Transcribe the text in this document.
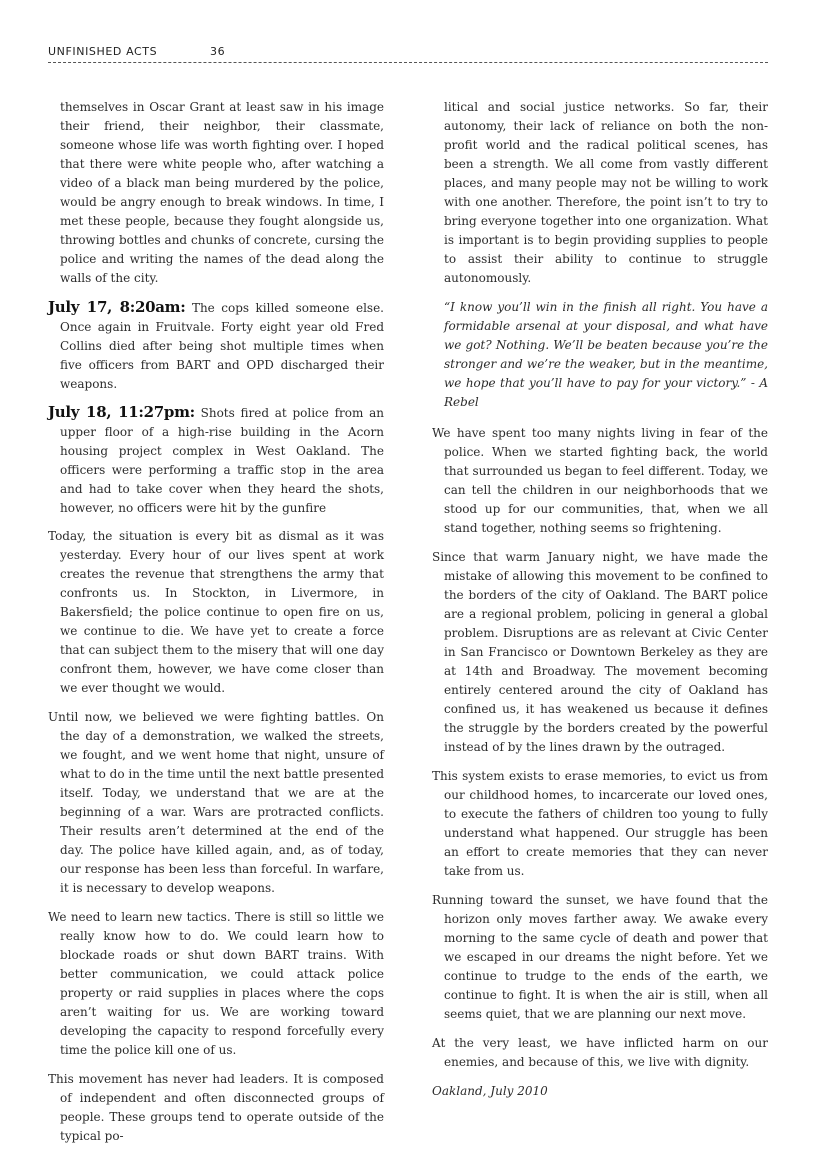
UNFINISHED ACTS	36

themselves in Oscar Grant at least saw in his image their friend, their neighbor, their classmate, someone whose life was worth fighting over. I hoped that there were white people who, after watching a video of a black man being murdered by the police, would be angry enough to break windows. In time, I met these people, because they fought alongside us, throwing bottles and chunks of concrete, cursing the police and writing the names of the dead along the walls of the city.

July 17, 8:20am: The cops killed someone else. Once again in Fruitvale. Forty eight year old Fred Collins died after being shot multiple times when five officers from BART and OPD discharged their weapons.

July 18, 11:27pm: Shots fired at police from an upper floor of a high-rise building in the Acorn housing project complex in West Oakland. The officers were performing a traffic stop in the area and had to take cover when they heard the shots, however, no officers were hit by the gunfire

Today, the situation is every bit as dismal as it was yesterday. Every hour of our lives spent at work creates the revenue that strengthens the army that confronts us. In Stockton, in Livermore, in Bakersfield; the police continue to open fire on us, we continue to die. We have yet to create a force that can subject them to the misery that will one day confront them, however, we have come closer than we ever thought we would.

Until now, we believed we were fighting battles. On the day of a demonstration, we walked the streets, we fought, and we went home that night, unsure of what to do in the time until the next battle presented itself. Today, we understand that we are at the beginning of a war. Wars are protracted conflicts. Their results aren’t determined at the end of the day. The police have killed again, and, as of today, our response has been less than forceful. In warfare, it is necessary to develop weapons.

We need to learn new tactics. There is still so little we really know how to do. We could learn how to blockade roads or shut down BART trains. With better communication, we could attack police property or raid supplies in places where the cops aren’t waiting for us. We are working toward developing the capacity to respond forcefully every time the police kill one of us.

This movement has never had leaders. It is composed of independent and often disconnected groups of people. These groups tend to operate outside of the typical po-

litical and social justice networks. So far, their autonomy, their lack of reliance on both the non-profit world and the radical political scenes, has been a strength. We all come from vastly different places, and many people may not be willing to work with one another. Therefore, the point isn’t to try to bring everyone together into one organization. What is important is to begin providing supplies to people to assist their ability to continue to struggle autonomously.

“I know you’ll win in the finish all right. You have a formidable arsenal at your disposal, and what have we got? Nothing. We’ll be beaten because you’re the stronger and we’re the weaker, but in the meantime, we hope that you’ll have to pay for your victory.” - A Rebel

We have spent too many nights living in fear of the police. When we started fighting back, the world that surrounded us began to feel different. Today, we can tell the children in our neighborhoods that we stood up for our communities, that, when we all stand together, nothing seems so frightening.

Since that warm January night, we have made the mistake of allowing this movement to be confined to the borders of the city of Oakland. The BART police are a regional problem, policing in general a global problem. Disruptions are as relevant at Civic Center in San Francisco or Downtown Berkeley as they are at 14th and Broadway. The movement becoming entirely centered around the city of Oakland has confined us, it has weakened us because it defines the struggle by the borders created by the powerful instead of by the lines drawn by the outraged.

This system exists to erase memories, to evict us from our childhood homes, to incarcerate our loved ones, to execute the fathers of children too young to fully understand what happened. Our struggle has been an effort to create memories that they can never take from us.

Running toward the sunset, we have found that the horizon only moves farther away. We awake every morning to the same cycle of death and power that we escaped in our dreams the night before. Yet we continue to trudge to the ends of the earth, we continue to fight. It is when the air is still, when all seems quiet, that we are planning our next move.

At the very least, we have inflicted harm on our enemies, and because of this, we live with dignity.

Oakland, July 2010
